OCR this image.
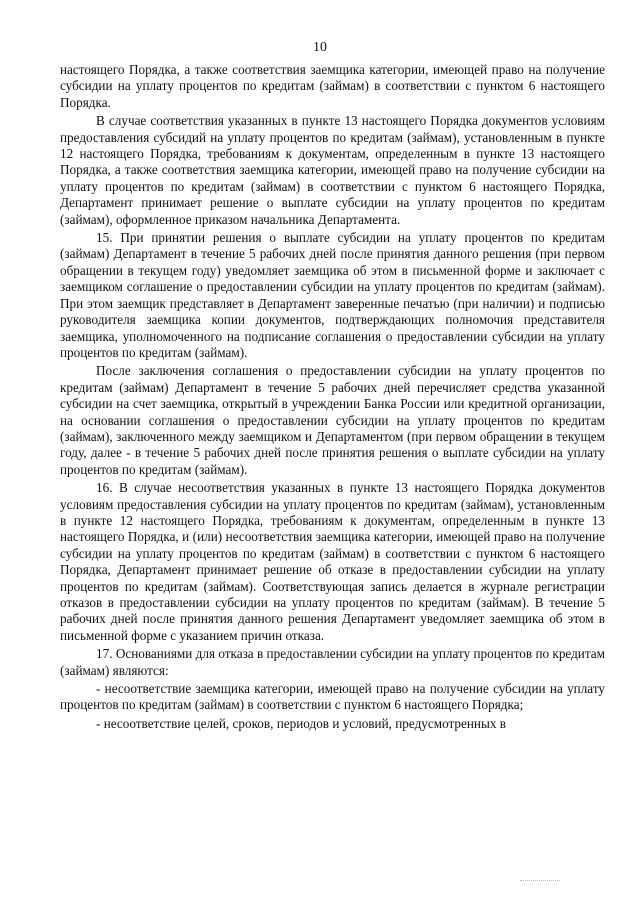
10

настоящего Порядка, а также соответствия заемщика категории, имеющей право на получение субсидии на уплату процентов по кредитам (займам) в соответствии с пунктом 6 настоящего Порядка.

В случае соответствия указанных в пункте 13 настоящего Порядка документов условиям предоставления субсидий на уплату процентов по кредитам (займам), установленным в пункте 12 настоящего Порядка, требованиям к документам, определенным в пункте 13 настоящего Порядка, а также соответствия заемщика категории, имеющей право на получение субсидии на уплату процентов по кредитам (займам) в соответствии с пунктом 6 настоящего Порядка, Департамент принимает решение о выплате субсидии на уплату процентов по кредитам (займам), оформленное приказом начальника Департамента.

15. При принятии решения о выплате субсидии на уплату процентов по кредитам (займам) Департамент в течение 5 рабочих дней после принятия данного решения (при первом обращении в текущем году) уведомляет заемщика об этом в письменной форме и заключает с заемщиком соглашение о предоставлении субсидии на уплату процентов по кредитам (займам). При этом заемщик представляет в Департамент заверенные печатью (при наличии) и подписью руководителя заемщика копии документов, подтверждающих полномочия представителя заемщика, уполномоченного на подписание соглашения о предоставлении субсидии на уплату процентов по кредитам (займам).

После заключения соглашения о предоставлении субсидии на уплату процентов по кредитам (займам) Департамент в течение 5 рабочих дней перечисляет средства указанной субсидии на счет заемщика, открытый в учреждении Банка России или кредитной организации, на основании соглашения о предоставлении субсидии на уплату процентов по кредитам (займам), заключенного между заемщиком и Департаментом (при первом обращении в текущем году, далее - в течение 5 рабочих дней после принятия решения о выплате субсидии на уплату процентов по кредитам (займам).

16. В случае несоответствия указанных в пункте 13 настоящего Порядка документов условиям предоставления субсидии на уплату процентов по кредитам (займам), установленным в пункте 12 настоящего Порядка, требованиям к документам, определенным в пункте 13 настоящего Порядка, и (или) несоответствия заемщика категории, имеющей право на получение субсидии на уплату процентов по кредитам (займам) в соответствии с пунктом 6 настоящего Порядка, Департамент принимает решение об отказе в предоставлении субсидии на уплату процентов по кредитам (займам). Соответствующая запись делается в журнале регистрации отказов в предоставлении субсидии на уплату процентов по кредитам (займам). В течение 5 рабочих дней после принятия данного решения Департамент уведомляет заемщика об этом в письменной форме с указанием причин отказа.

17. Основаниями для отказа в предоставлении субсидии на уплату процентов по кредитам (займам) являются:

- несоответствие заемщика категории, имеющей право на получение субсидии на уплату процентов по кредитам (займам) в соответствии с пунктом 6 настоящего Порядка;

- несоответствие целей, сроков, периодов и условий, предусмотренных в
